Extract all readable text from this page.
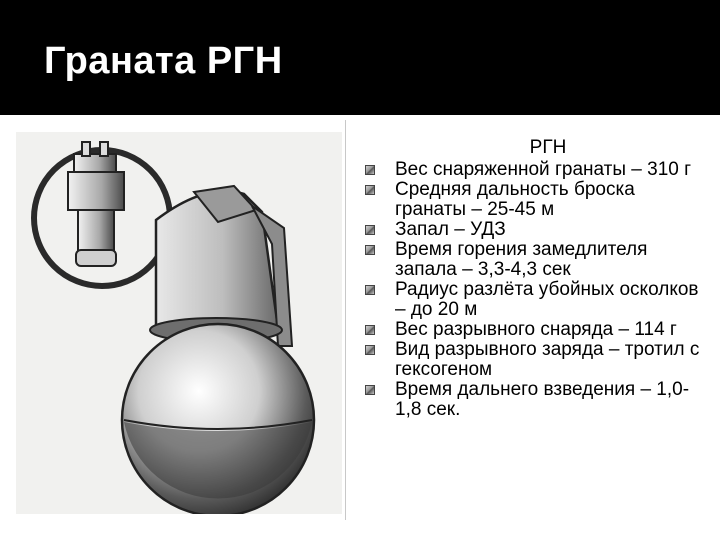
Граната РГН
РГН
Вес снаряженной гранаты – 310 г
Средняя дальность броска гранаты – 25-45 м
Запал – УДЗ
Время горения замедлителя запала – 3,3-4,3 сек
Радиус разлёта убойных осколков – до 20 м
Вес разрывного снаряда – 114 г
Вид разрывного заряда – тротил с гексогеном
Время дальнего взведения – 1,0-1,8 сек.
